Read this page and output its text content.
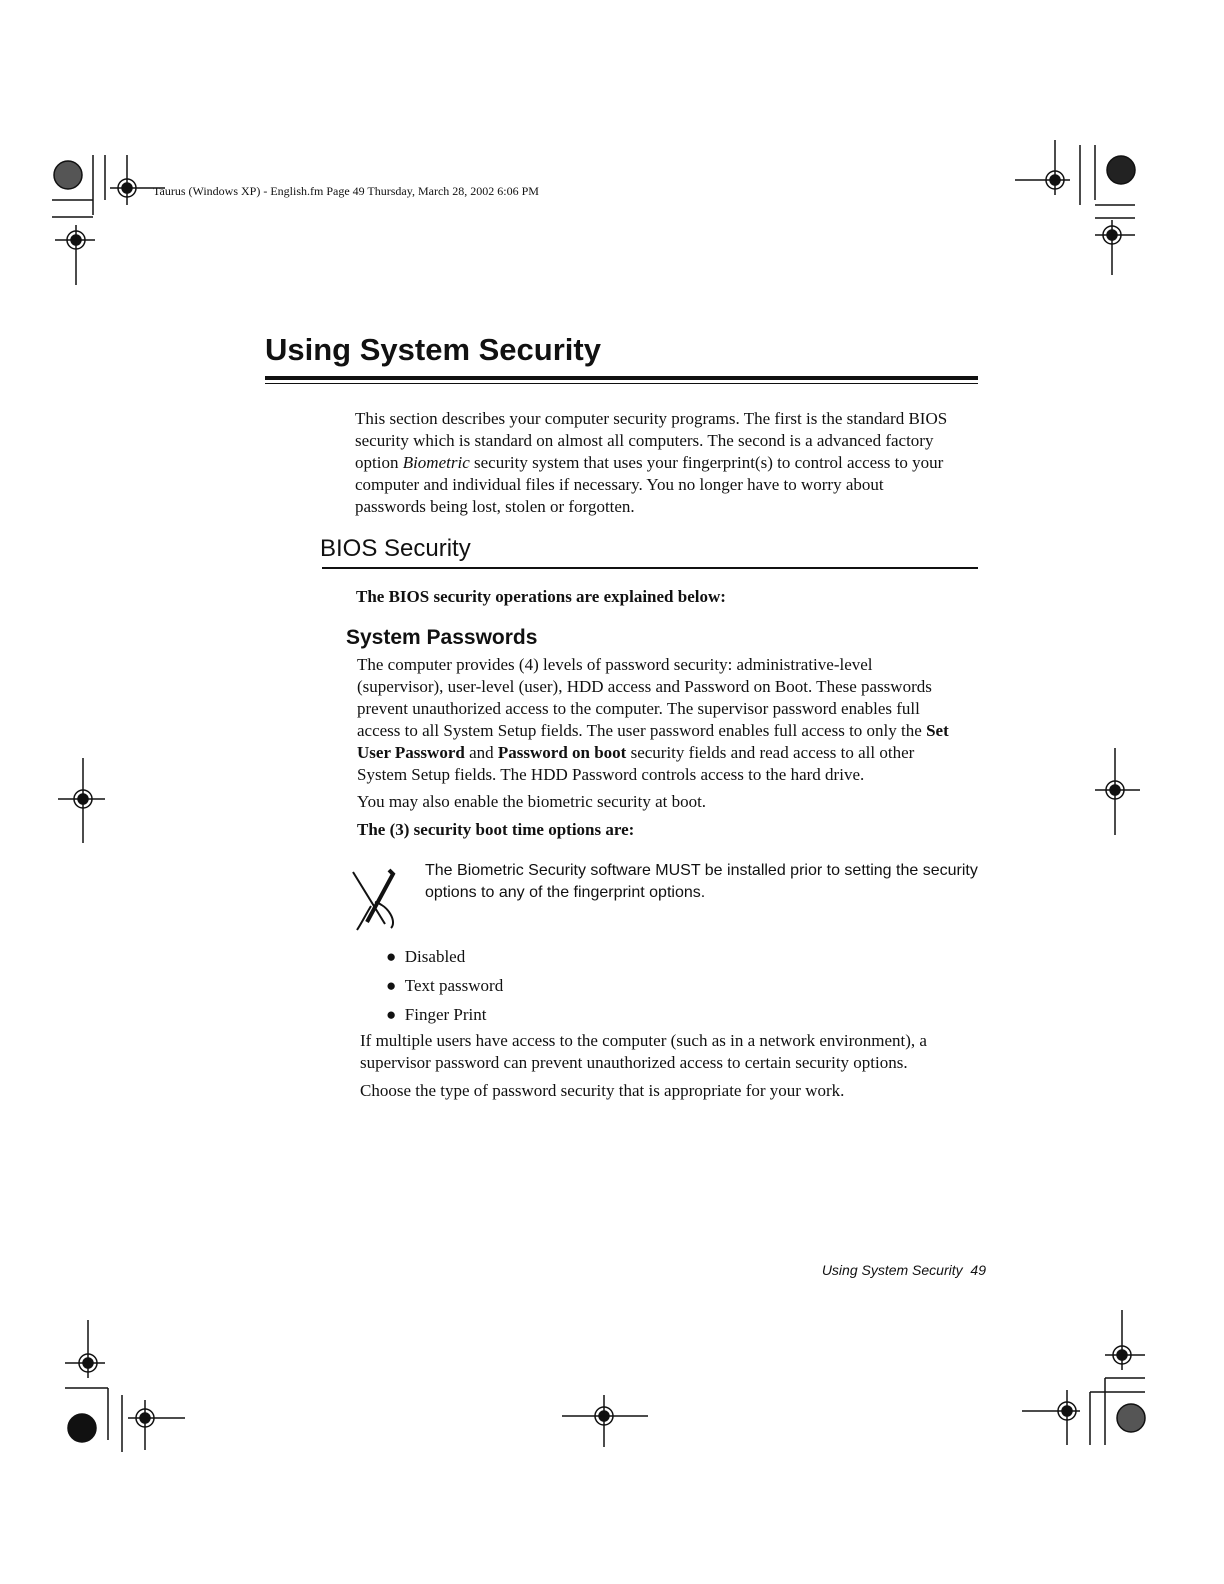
Taurus (Windows XP) - English.fm Page 49 Thursday, March 28, 2002 6:06 PM
Using System Security
This section describes your computer security programs. The first is the standard BIOS
security which is standard on almost all computers. The second is a advanced factory
option Biometric security system that uses your fingerprint(s) to control access to your
computer and individual files if necessary. You no longer have to worry about
passwords being lost, stolen or forgotten.
BIOS Security
The BIOS security operations are explained below:
System Passwords
The computer provides (4) levels of password security: administrative-level
(supervisor), user-level (user), HDD access and Password on Boot. These passwords
prevent unauthorized access to the computer. The supervisor password enables full
access to all System Setup fields. The user password enables full access to only the Set
User Password and Password on boot security fields and read access to all other
System Setup fields. The HDD Password controls access to the hard drive.
You may also enable the biometric security at boot.
The (3) security boot time options are:
The Biometric Security software MUST be installed prior to setting the security
options to any of the fingerprint options.
●  Disabled
●  Text password
●  Finger Print
If multiple users have access to the computer (such as in a network environment), a
supervisor password can prevent unauthorized access to certain security options.
Choose the type of password security that is appropriate for your work.
Using System Security 49
